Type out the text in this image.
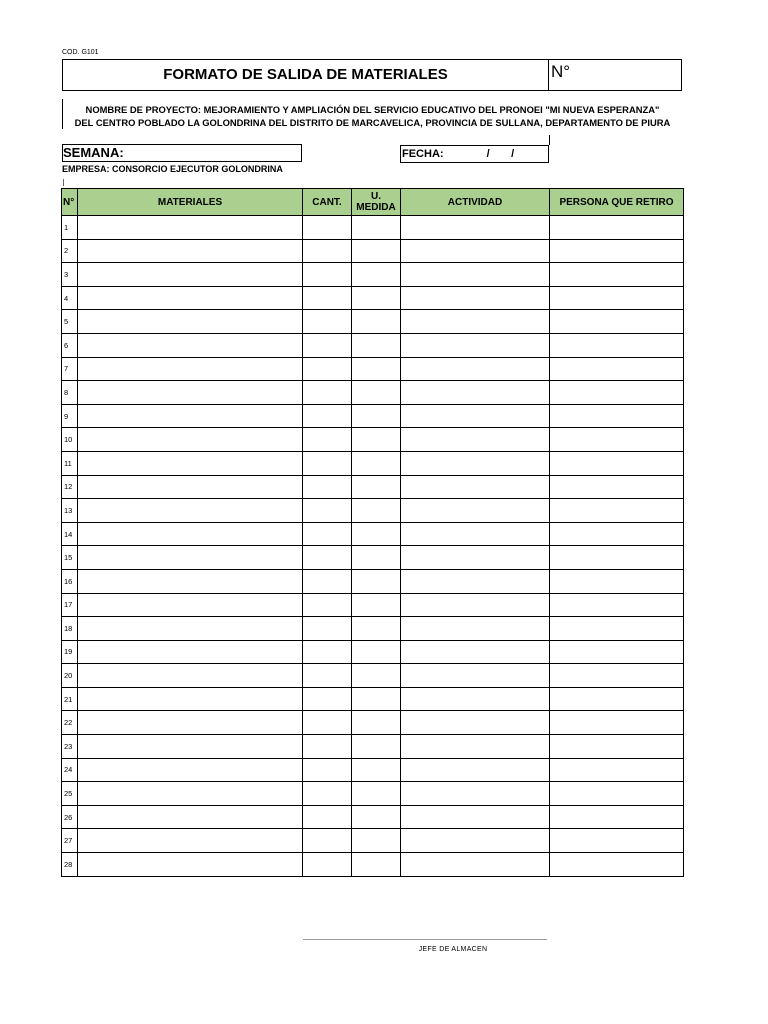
COD. G101
FORMATO DE SALIDA DE MATERIALES	N°
NOMBRE DE PROYECTO: MEJORAMIENTO Y AMPLIACIÓN DEL SERVICIO EDUCATIVO DEL PRONOEI "MI NUEVA ESPERANZA"
DEL CENTRO POBLADO LA GOLONDRINA DEL DISTRITO DE MARCAVELICA, PROVINCIA DE SULLANA, DEPARTAMENTO DE PIURA
SEMANA:	FECHA:	/       /
EMPRESA: CONSORCIO EJECUTOR GOLONDRINA
N°	MATERIALES	CANT.	U. MEDIDA	ACTIVIDAD	PERSONA QUE RETIRO
1					
2					
3					
4					
5					
6					
7					
8					
9					
10					
11					
12					
13					
14					
15					
16					
17					
18					
19					
20					
21					
22					
23					
24					
25					
26					
27					
28					
JEFE DE ALMACEN
